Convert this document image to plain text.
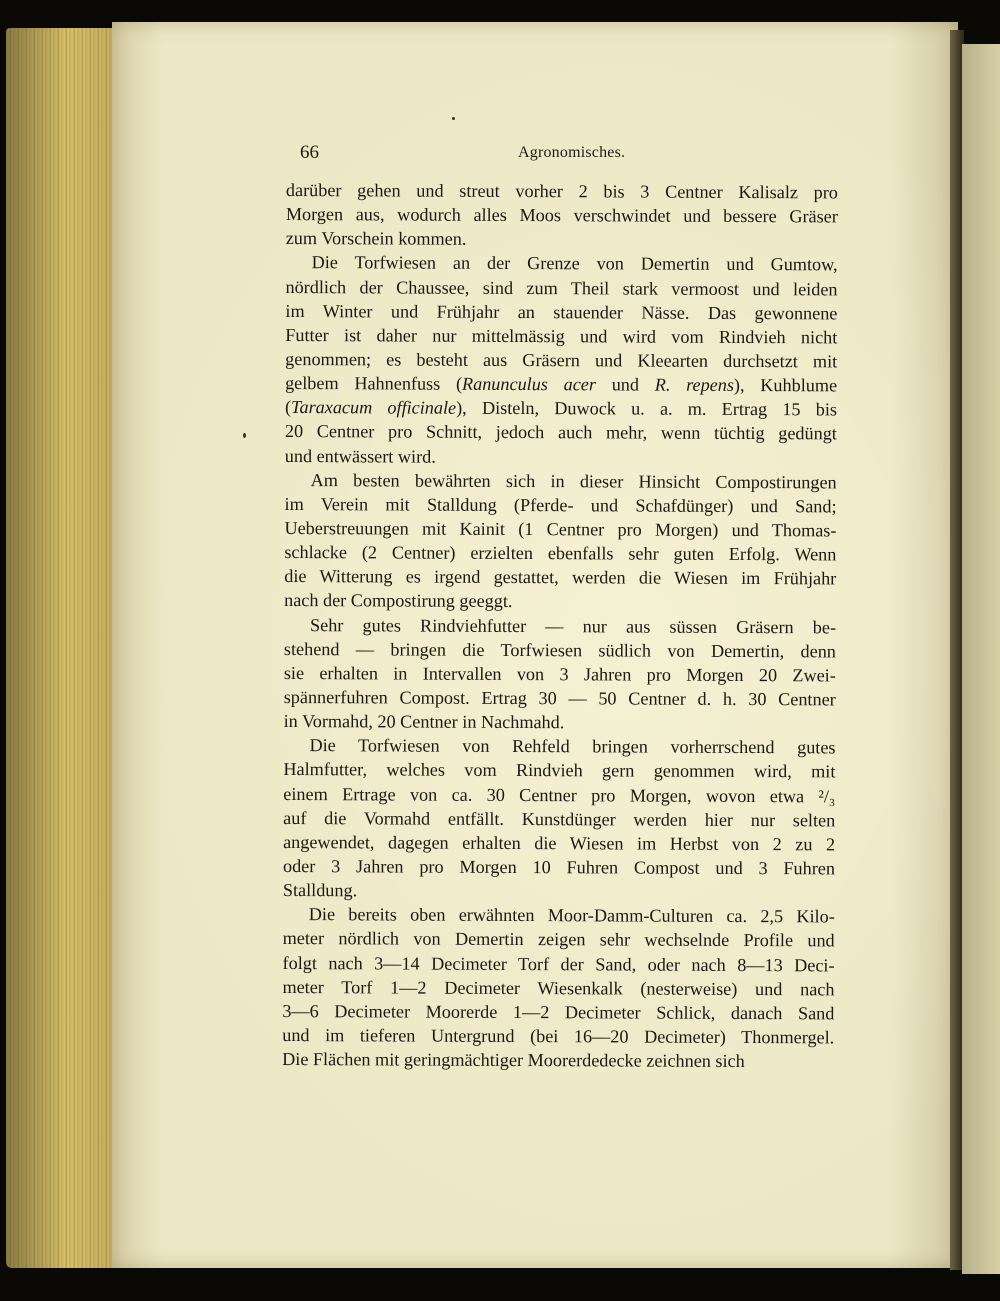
66	Agronomisches.
darüber gehen und streut vorher 2 bis 3 Centner Kalisalz pro
Morgen aus, wodurch alles Moos verschwindet und bessere Gräser
zum Vorschein kommen.
Die Torfwiesen an der Grenze von Demertin und Gumtow,
nördlich der Chaussee, sind zum Theil stark vermoost und leiden
im Winter und Frühjahr an stauender Nässe. Das gewonnene
Futter ist daher nur mittelmässig und wird vom Rindvieh nicht
genommen; es besteht aus Gräsern und Kleearten durchsetzt mit
gelbem Hahnenfuss (Ranunculus acer und R. repens), Kuhblume
(Taraxacum officinale), Disteln, Duwock u. a. m. Ertrag 15 bis
20 Centner pro Schnitt, jedoch auch mehr, wenn tüchtig gedüngt
und entwässert wird.
Am besten bewährten sich in dieser Hinsicht Compostirungen
im Verein mit Stalldung (Pferde- und Schafdünger) und Sand;
Ueberstreuungen mit Kainit (1 Centner pro Morgen) und Thomas-
schlacke (2 Centner) erzielten ebenfalls sehr guten Erfolg. Wenn
die Witterung es irgend gestattet, werden die Wiesen im Frühjahr
nach der Compostirung geeggt.
Sehr gutes Rindviehfutter — nur aus süssen Gräsern be-
stehend — bringen die Torfwiesen südlich von Demertin, denn
sie erhalten in Intervallen von 3 Jahren pro Morgen 20 Zwei-
spännerfuhren Compost. Ertrag 30 — 50 Centner d. h. 30 Centner
in Vormahd, 20 Centner in Nachmahd.
Die Torfwiesen von Rehfeld bringen vorherrschend gutes
Halmfutter, welches vom Rindvieh gern genommen wird, mit
einem Ertrage von ca. 30 Centner pro Morgen, wovon etwa ²/₃
auf die Vormahd entfällt. Kunstdünger werden hier nur selten
angewendet, dagegen erhalten die Wiesen im Herbst von 2 zu 2
oder 3 Jahren pro Morgen 10 Fuhren Compost und 3 Fuhren
Stalldung.
Die bereits oben erwähnten Moor-Damm-Culturen ca. 2,5 Kilo-
meter nördlich von Demertin zeigen sehr wechselnde Profile und
folgt nach 3—14 Decimeter Torf der Sand, oder nach 8—13 Deci-
meter Torf 1—2 Decimeter Wiesenkalk (nesterweise) und nach
3—6 Decimeter Moorerde 1—2 Decimeter Schlick, danach Sand
und im tieferen Untergrund (bei 16—20 Decimeter) Thonmergel.
Die Flächen mit geringmächtiger Moorerdedecke zeichnen sich
